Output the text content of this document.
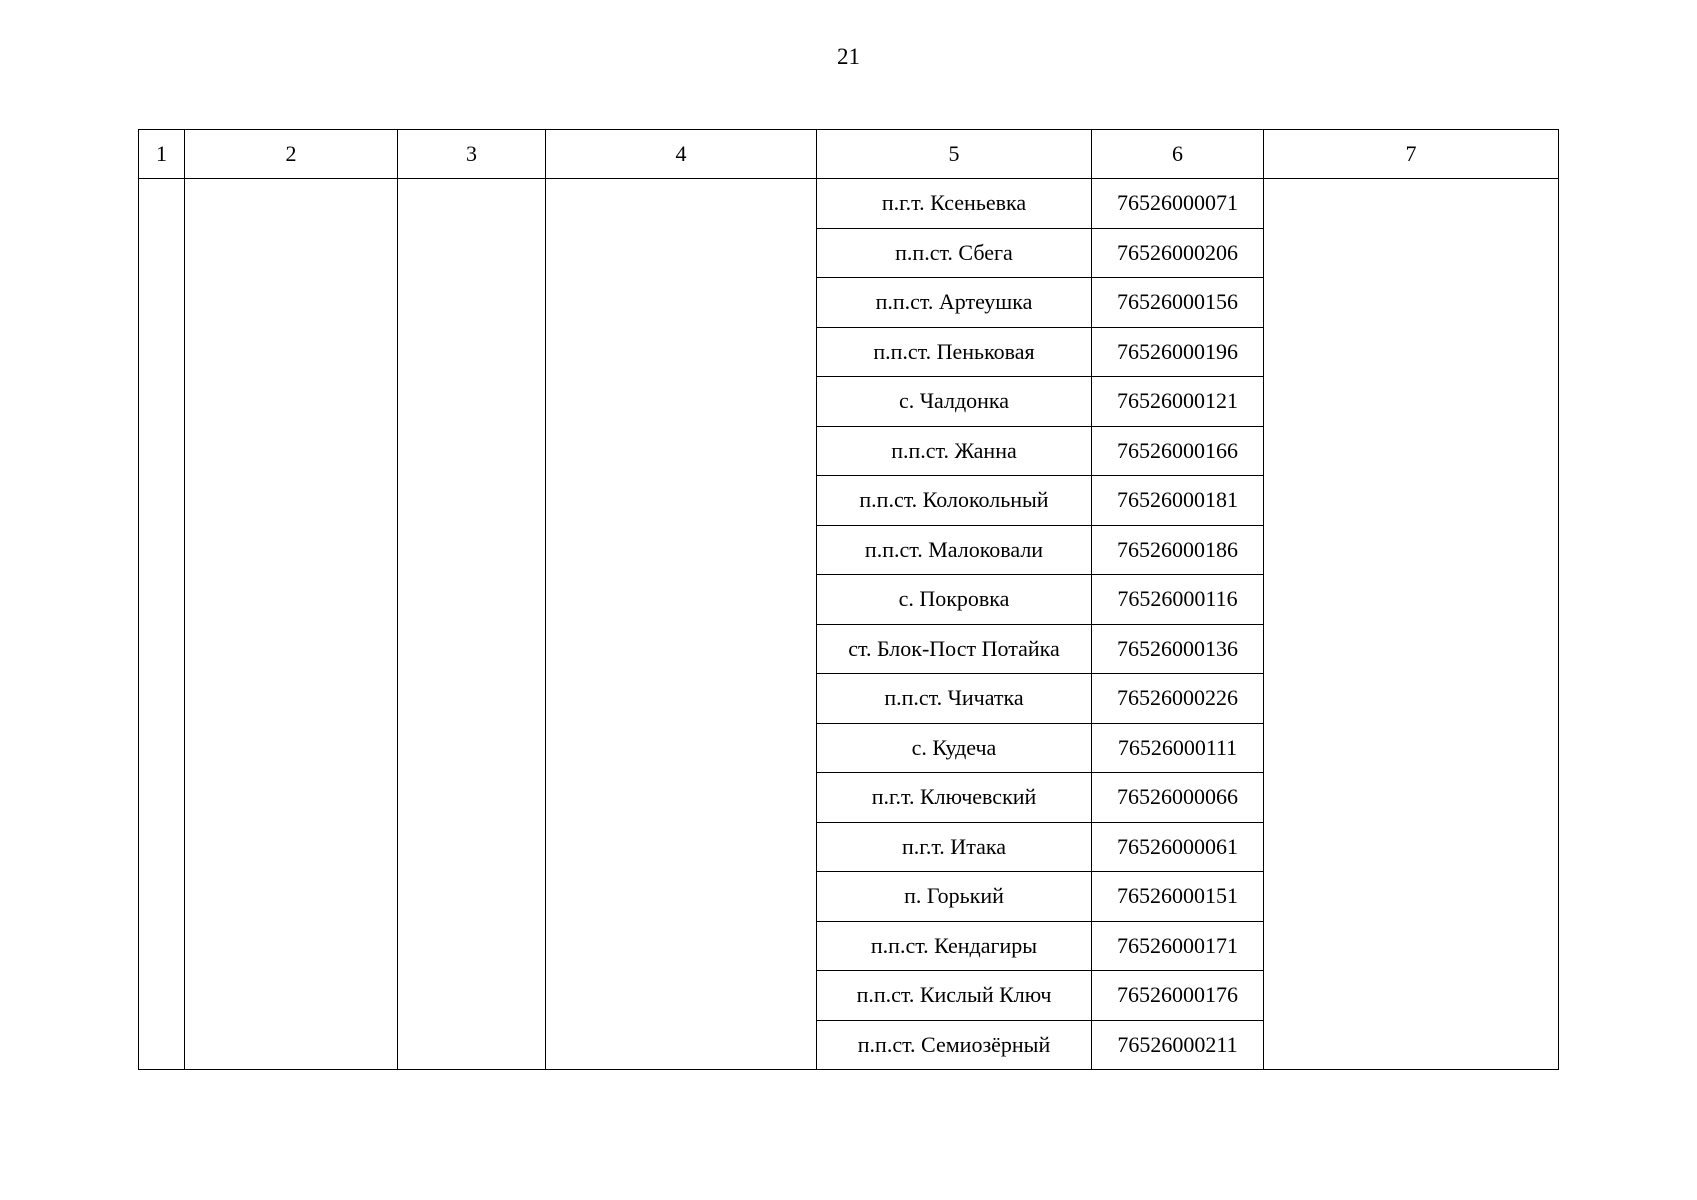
21
1	2	3	4	5	6	7
				п.г.т. Ксеньевка	76526000071	
				п.п.ст. Сбега	76526000206	
				п.п.ст. Артеушка	76526000156	
				п.п.ст. Пеньковая	76526000196	
				с. Чалдонка	76526000121	
				п.п.ст. Жанна	76526000166	
				п.п.ст. Колокольный	76526000181	
				п.п.ст. Малоковали	76526000186	
				с. Покровка	76526000116	
				ст. Блок-Пост Потайка	76526000136	
				п.п.ст. Чичатка	76526000226	
				с. Кудеча	76526000111	
				п.г.т. Ключевский	76526000066	
				п.г.т. Итака	76526000061	
				п. Горький	76526000151	
				п.п.ст. Кендагиры	76526000171	
				п.п.ст. Кислый Ключ	76526000176	
				п.п.ст. Семиозёрный	76526000211	
